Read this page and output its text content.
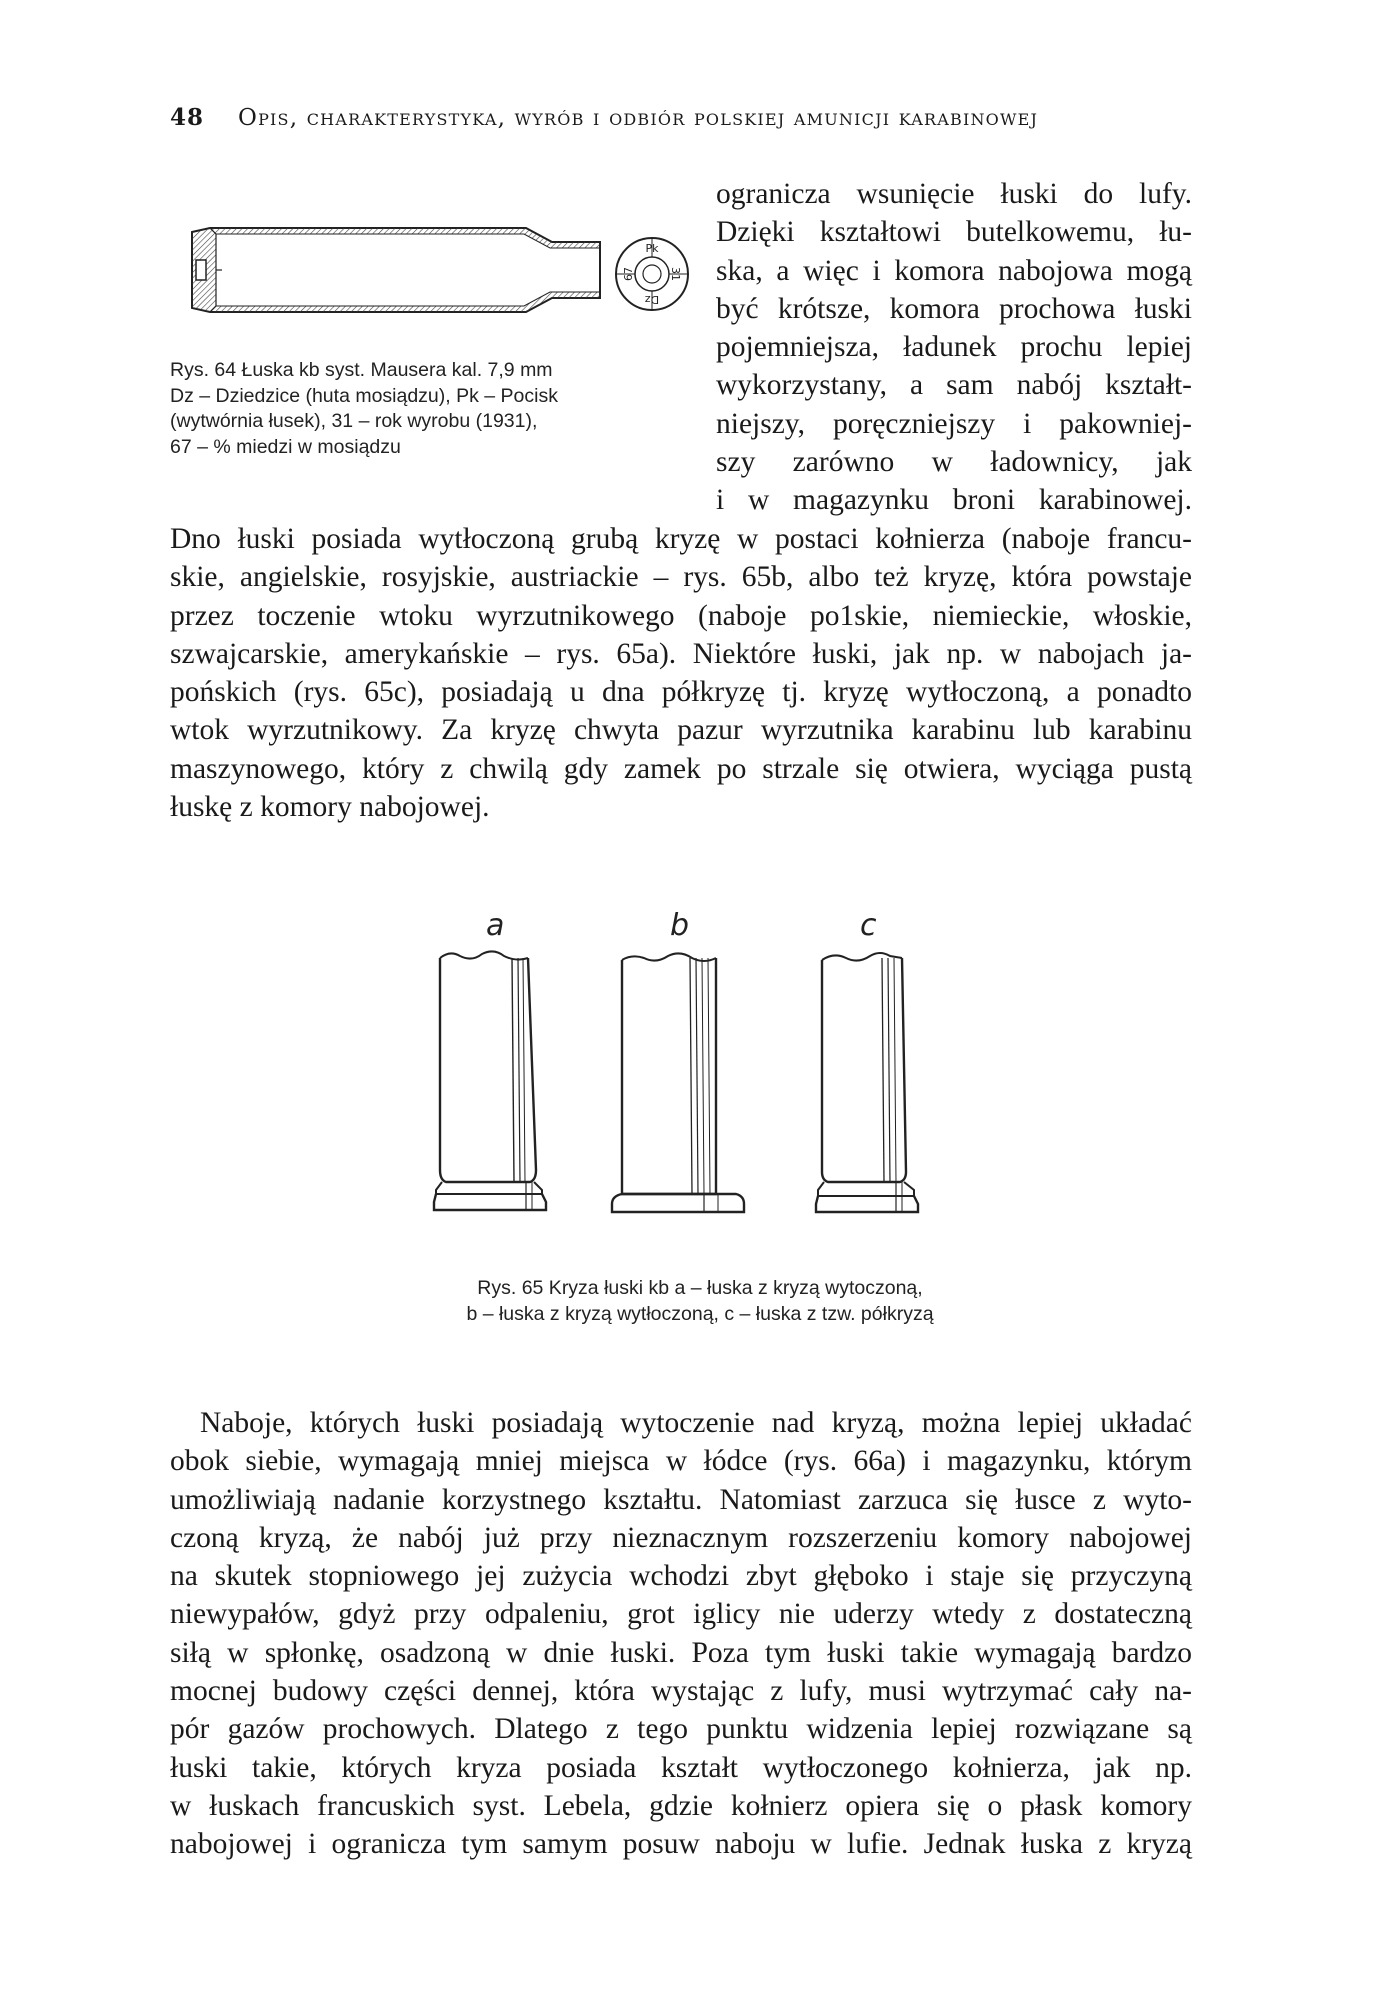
48 Opis, charakterystyka, wyrób i odbiór polskiej amunicji karabinowej
Pk
31
Dz
67
Rys. 64 Łuska kb syst. Mausera kal. 7,9 mm
Dz – Dziedzice (huta mosiądzu), Pk – Pocisk
(wytwórnia łusek), 31 – rok wyrobu (1931),
67 – % miedzi w mosiądzu
ogranicza wsunięcie łuski do lufy.
Dzięki kształtowi butelkowemu, łu-
ska, a więc i komora nabojowa mogą
być krótsze, komora prochowa łuski
pojemniejsza, ładunek prochu lepiej
wykorzystany, a sam nabój kształt-
niejszy, poręczniejszy i pakowniej-
szy zarówno w ładownicy, jak
i w magazynku broni karabinowej.
Dno łuski posiada wytłoczoną grubą kryzę w postaci kołnierza (naboje francu-
skie, angielskie, rosyjskie, austriackie – rys. 65b, albo też kryzę, która powstaje
przez toczenie wtoku wyrzutnikowego (naboje po1skie, niemieckie, włoskie,
szwajcarskie, amerykańskie – rys. 65a). Niektóre łuski, jak np. w nabojach ja-
pońskich (rys. 65c), posiadają u dna półkryzę tj. kryzę wytłoczoną, a ponadto
wtok wyrzutnikowy. Za kryzę chwyta pazur wyrzutnika karabinu lub karabinu
maszynowego, który z chwilą gdy zamek po strzale się otwiera, wyciąga pustą
łuskę z komory nabojowej.
a	b	c
Rys. 65 Kryza łuski kb a – łuska z kryzą wytoczoną,
b – łuska z kryzą wytłoczoną, c – łuska z tzw. półkryzą
Naboje, których łuski posiadają wytoczenie nad kryzą, można lepiej układać
obok siebie, wymagają mniej miejsca w łódce (rys. 66a) i magazynku, którym
umożliwiają nadanie korzystnego kształtu. Natomiast zarzuca się łusce z wyto-
czoną kryzą, że nabój już przy nieznacznym rozszerzeniu komory nabojowej
na skutek stopniowego jej zużycia wchodzi zbyt głęboko i staje się przyczyną
niewypałów, gdyż przy odpaleniu, grot iglicy nie uderzy wtedy z dostateczną
siłą w spłonkę, osadzoną w dnie łuski. Poza tym łuski takie wymagają bardzo
mocnej budowy części dennej, która wystając z lufy, musi wytrzymać cały na-
pór gazów prochowych. Dlatego z tego punktu widzenia lepiej rozwiązane są
łuski takie, których kryza posiada kształt wytłoczonego kołnierza, jak np.
w łuskach francuskich syst. Lebela, gdzie kołnierz opiera się o płask komory
nabojowej i ogranicza tym samym posuw naboju w lufie. Jednak łuska z kryzą
